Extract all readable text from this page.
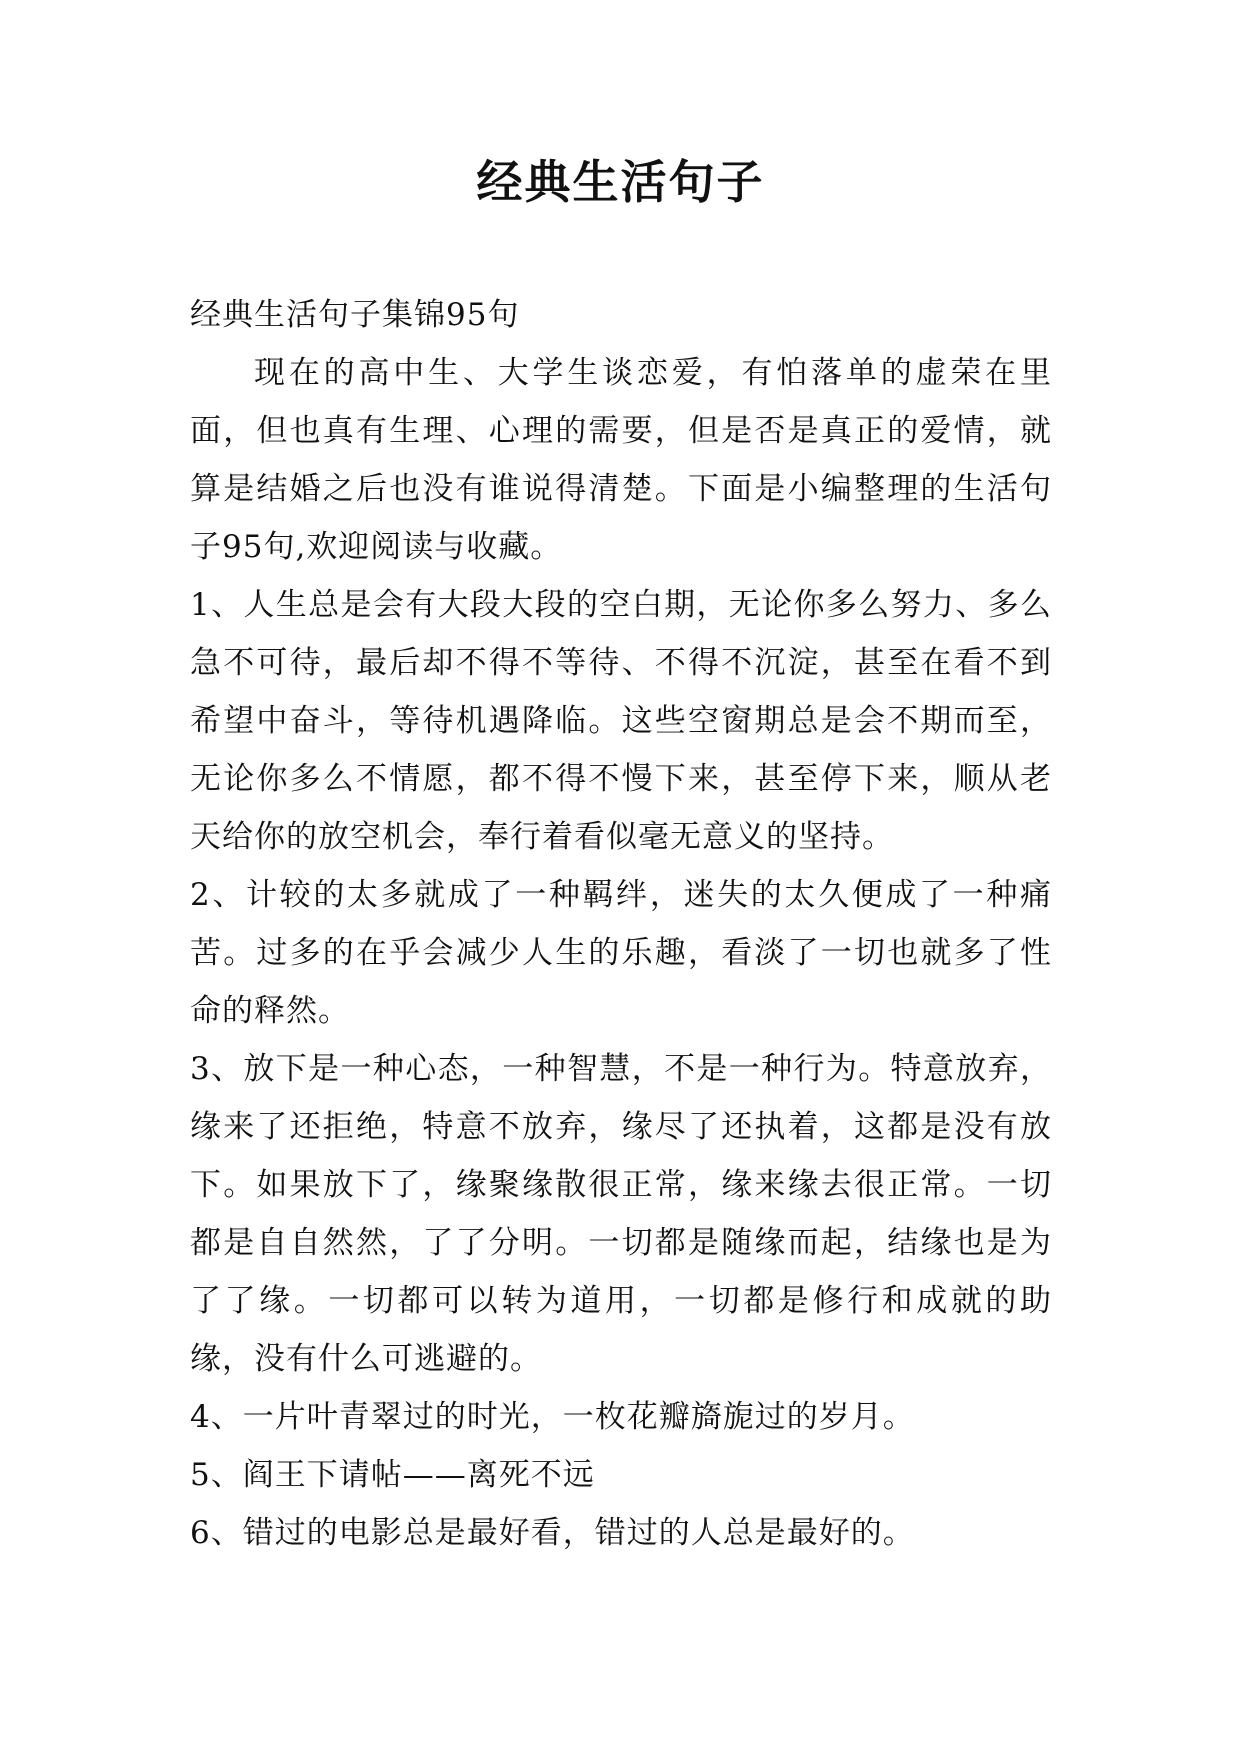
经典生活句子

经典生活句子集锦95句

现在的高中生、大学生谈恋爱，有怕落单的虚荣在里面，但也真有生理、心理的需要，但是否是真正的爱情，就算是结婚之后也没有谁说得清楚。下面是小编整理的生活句子95句,欢迎阅读与收藏。

1、人生总是会有大段大段的空白期，无论你多么努力、多么急不可待，最后却不得不等待、不得不沉淀，甚至在看不到希望中奋斗，等待机遇降临。这些空窗期总是会不期而至，无论你多么不情愿，都不得不慢下来，甚至停下来，顺从老天给你的放空机会，奉行着看似毫无意义的坚持。

2、计较的太多就成了一种羁绊，迷失的太久便成了一种痛苦。过多的在乎会减少人生的乐趣，看淡了一切也就多了性命的释然。

3、放下是一种心态，一种智慧，不是一种行为。特意放弃，缘来了还拒绝，特意不放弃，缘尽了还执着，这都是没有放下。如果放下了，缘聚缘散很正常，缘来缘去很正常。一切都是自自然然，了了分明。一切都是随缘而起，结缘也是为了了缘。一切都可以转为道用，一切都是修行和成就的助缘，没有什么可逃避的。

4、一片叶青翠过的时光，一枚花瓣旖旎过的岁月。

5、阎王下请帖——离死不远

6、错过的电影总是最好看，错过的人总是最好的。
